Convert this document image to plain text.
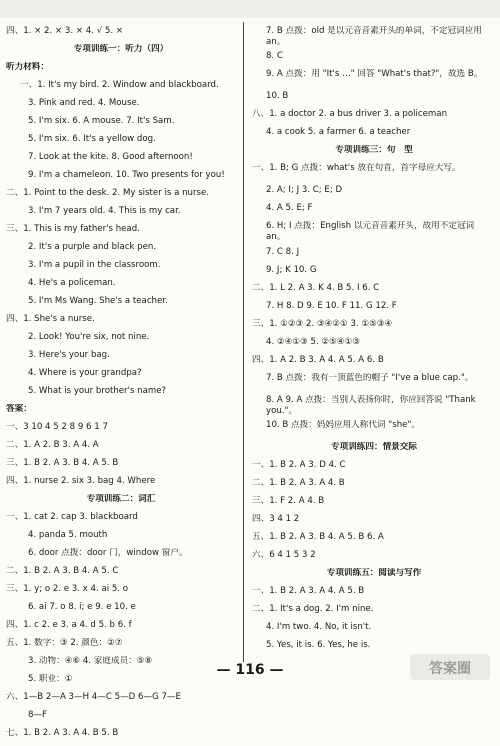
四、1. × 2. × 3. × 4. √ 5. ×
专项训练一：听力（四）
听力材料：
一、1. It's my bird. 2. Window and blackboard.
3. Pink and red. 4. Mouse.
5. I'm six. 6. A mouse. 7. It's Sam.
5. I'm six. 6. It's a yellow dog.
7. Look at the kite. 8. Good afternoon!
9. I'm a chameleon. 10. Two presents for you!
二、1. Point to the desk. 2. My sister is a nurse.
3. I'm 7 years old. 4. This is my car.
三、1. This is my father's head.
2. It's a purple and black pen.
3. I'm a pupil in the classroom.
4. He's a policeman.
5. I'm Ms Wang. She's a teacher.
四、1. She's a nurse.
2. Look! You're six, not nine.
3. Here's your bag.
4. Where is your grandpa?
5. What is your brother's name?
答案：
一、3 10 4 5 2 8 9 6 1 7
二、1. A 2. B 3. A 4. A
三、1. B 2. A 3. B 4. A 5. B
四、1. nurse 2. six 3. bag 4. Where
专项训练二：词汇
一、1. cat 2. cap 3. blackboard
4. panda 5. mouth
6. door 点拨：door 门，window 窗户。
二、1. B 2. A 3. B 4. A 5. C
三、1. y; o 2. e 3. x 4. ai 5. o
6. ai 7. o 8. i; e 9. e 10. e
四、1. c 2. e 3. a 4. d 5. b 6. f
五、1. 数字：③ 2. 颜色：②⑦
3. 动物：④⑥ 4. 家庭成员：⑤⑧
5. 职业：①
六、1—B 2—A 3—H 4—C 5—D 6—G 7—E
8—F
七、1. B 2. A 3. A 4. B 5. B
7. B 点拨：old 是以元音音素开头的单词，不定冠词应用 an。
8. C
9. A 点拨：用 "It's …" 回答 "What's that?"，故选 B。
10. B
八、1. a doctor 2. a bus driver 3. a policeman
4. a cook 5. a farmer 6. a teacher
专项训练三：句　型
一、1. B; G 点拨：what's 放在句首，首字母应大写。
2. A; I; J 3. C; E; D
4. A 5. E; F
6. H; I 点拨：English 以元音音素开头，故用不定冠词 an。
7. C 8. J
9. J; K 10. G
二、1. L 2. A 3. K 4. B 5. I 6. C
7. H 8. D 9. E 10. F 11. G 12. F
三、1. ①②③ 2. ③④②① 3. ①⑤③④
4. ②④①③ 5. ②⑤④①③
四、1. A 2. B 3. A 4. A 5. A 6. B
7. B 点拨：我有一顶蓝色的帽子 "I've a blue cap."。
8. A 9. A 点拨：当别人表扬你时，你应回答说 "Thank you."。
10. B 点拨：妈妈应用人称代词 "she"。
专项训练四：情景交际
一、1. B 2. A 3. D 4. C
二、1. B 2. A 3. A 4. B
三、1. F 2. A 4. B
四、3 4 1 2
五、1. B 2. A 3. B 4. A 5. B 6. A
六、6 4 1 5 3 2
专项训练五：阅读与写作
一、1. B 2. A 3. A 4. A 5. B
二、1. It's a dog. 2. I'm nine.
4. I'm two. 4. No, it isn't.
5. Yes, it is. 6. Yes, he is.
— 116 —	答案圈
